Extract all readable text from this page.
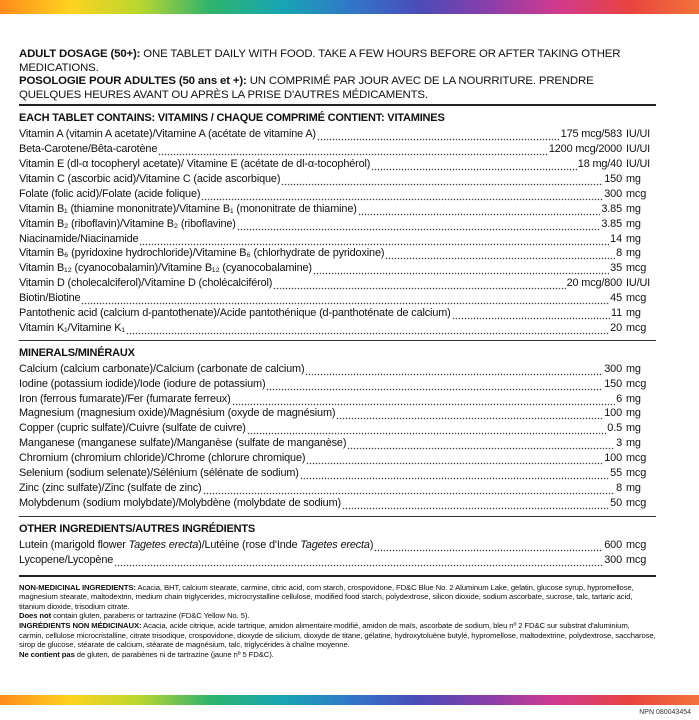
ADULT DOSAGE (50+): ONE TABLET DAILY WITH FOOD. TAKE A FEW HOURS BEFORE OR AFTER TAKING OTHER MEDICATIONS.
POSOLOGIE POUR ADULTES (50 ans et +): UN COMPRIMÉ PAR JOUR AVEC DE LA NOURRITURE. PRENDRE QUELQUES HEURES AVANT OU APRÈS LA PRISE D'AUTRES MÉDICAMENTS.
EACH TABLET CONTAINS: VITAMINS / CHAQUE COMPRIMÉ CONTIENT: VITAMINES
Vitamin A (vitamin A acetate)/Vitamine A (acétate de vitamine A)	175 mcg/583 IU/UI
Beta-Carotene/Bêta-carotène	1200 mcg/2000 IU/UI
Vitamin E (dl-α tocopheryl acetate)/ Vitamine E (acétate de dl-α-tocophérol)	18 mg/40 IU/UI
Vitamin C (ascorbic acid)/Vitamine C (acide ascorbique)	150 mg
Folate (folic acid)/Folate (acide folique)	300 mcg
Vitamin B₁ (thiamine mononitrate)/Vitamine B₁ (mononitrate de thiamine)	3.85 mg
Vitamin B₂ (riboflavin)/Vitamine B₂ (riboflavine)	3.85 mg
Niacinamide/Niacinamide	14 mg
Vitamin B₆ (pyridoxine hydrochloride)/Vitamine B₆ (chlorhydrate de pyridoxine)	8 mg
Vitamin B₁₂ (cyanocobalamin)/Vitamine B₁₂ (cyanocobalamine)	35 mcg
Vitamin D (cholecalciferol)/Vitamine D (cholécalciférol)	20 mcg/800 IU/UI
Biotin/Biotine	45 mcg
Pantothenic acid (calcium d-pantothenate)/Acide pantothénique (d-panthoténate de calcium)	11 mg
Vitamin K₁/Vitamine K₁	20 mcg
MINERALS/MINÉRAUX
Calcium (calcium carbonate)/Calcium (carbonate de calcium)	300 mg
Iodine (potassium iodide)/Iode (iodure de potassium)	150 mcg
Iron (ferrous fumarate)/Fer (fumarate ferreux)	6 mg
Magnesium (magnesium oxide)/Magnésium (oxyde de magnésium)	100 mg
Copper (cupric sulfate)/Cuivre (sulfate de cuivre)	0.5 mg
Manganese (manganese sulfate)/Manganèse (sulfate de manganèse)	3 mg
Chromium (chromium chloride)/Chrome (chlorure chromique)	100 mcg
Selenium (sodium selenate)/Sélénium (sélénate de sodium)	55 mcg
Zinc (zinc sulfate)/Zinc (sulfate de zinc)	8 mg
Molybdenum (sodium molybdate)/Molybdène (molybdate de sodium)	50 mcg
OTHER INGREDIENTS/AUTRES INGRÉDIENTS
Lutein (marigold flower Tagetes erecta)/Lutéine (rose d'Inde Tagetes erecta)	600 mcg
Lycopene/Lycopène	300 mcg
NON-MEDICINAL INGREDIENTS: Acacia, BHT, calcium stearate, carmine, citric acid, corn starch, crospovidone, FD&C Blue No. 2 Aluminum Lake, gelatin, glucose syrup, hypromellose, magnesium stearate, maltodextrin, medium chain triglycerides, microcrystalline cellulose, modified food starch, polydextrose, silicon dioxide, sodium ascorbate, sucrose, talc, tartaric acid, titanium dioxide, trisodium citrate.
Does not contain gluten, parabens or tartrazine (FD&C Yellow No. 5).
INGRÉDIENTS NON MÉDICINAUX: Acacia, acide citrique, acide tartrique, amidon alimentaire modifié, amidon de maïs, ascorbate de sodium, bleu nº 2 FD&C sur substrat d'aluminium, carmin, cellulose microcristalline, citrate trisodique, crospovidone, dioxyde de silicium, dioxyde de titane, gélatine, hydroxytoluène butylé, hypromellose, maltodextrine, polydextrose, saccharose, sirop de glucose, stéarate de calcium, stéarate de magnésium, talc, triglycérides à chaîne moyenne.
Ne contient pas de gluten, de parabènes ni de tartrazine (jaune nº 5 FD&C).
NPN 08004345​4
